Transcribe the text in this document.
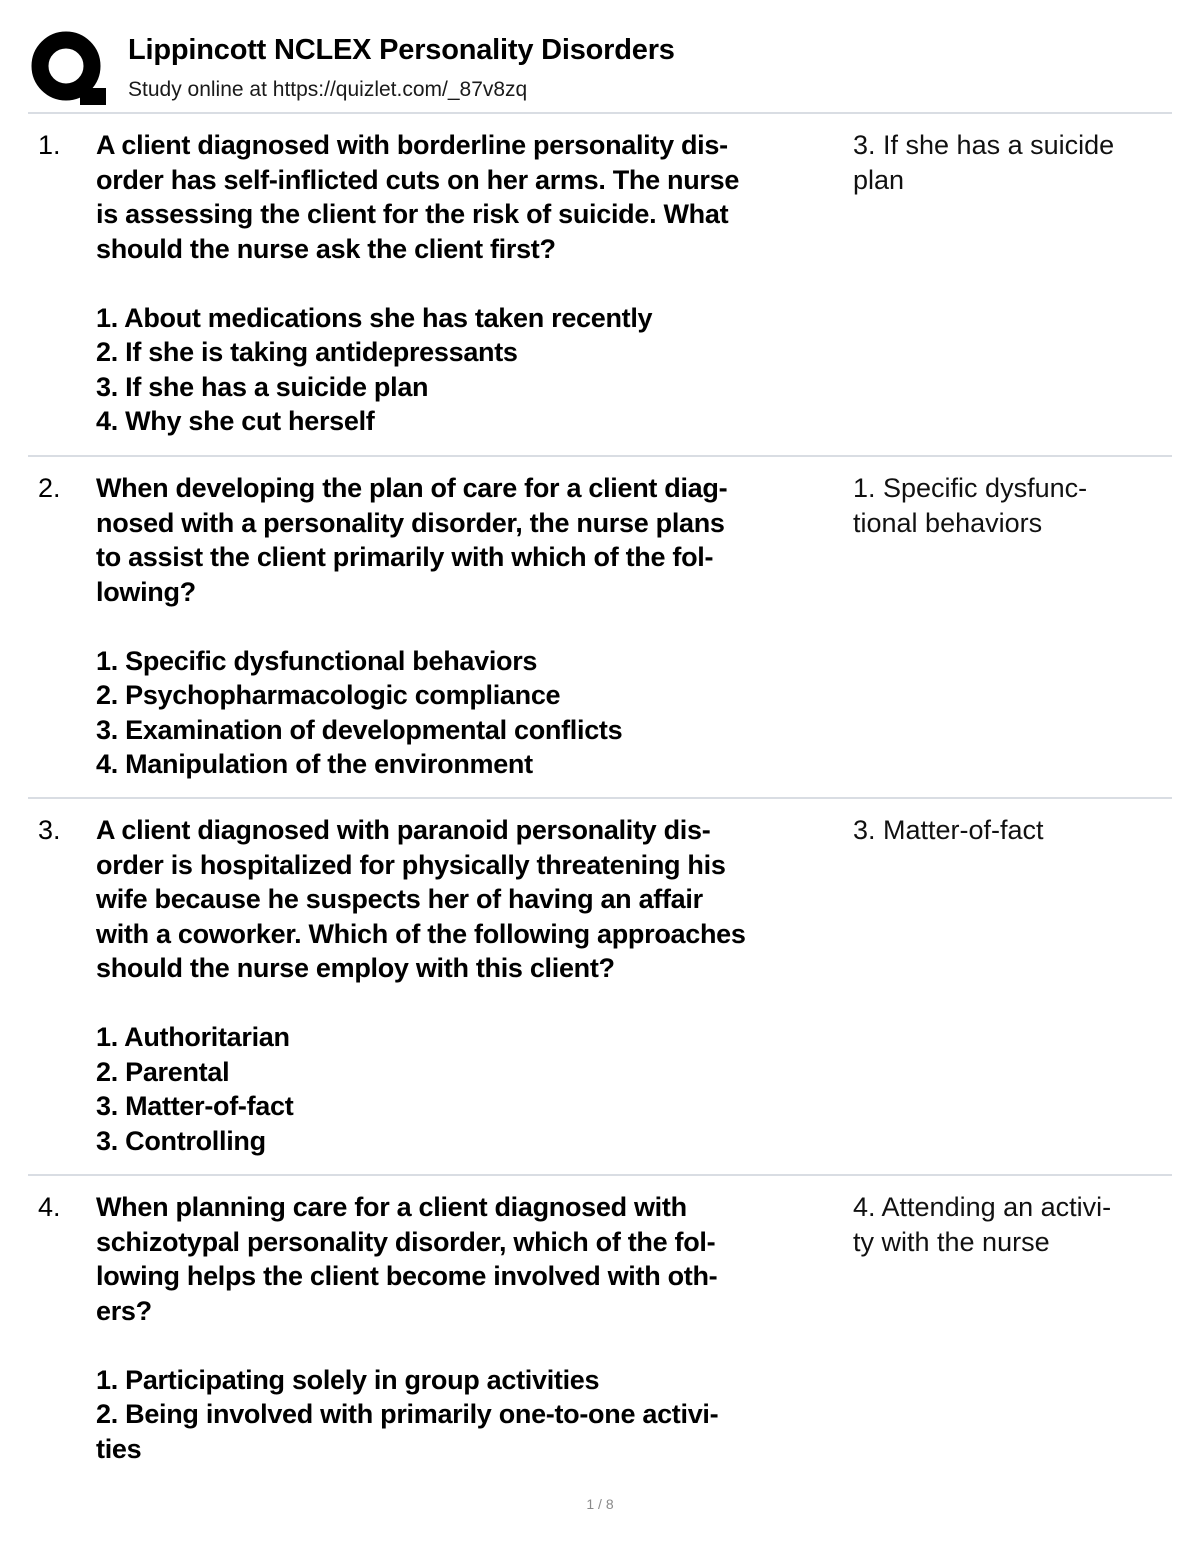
Lippincott NCLEX Personality Disorders
Study online at https://quizlet.com/_87v8zq
1. A client diagnosed with borderline personality dis-
order has self-inflicted cuts on her arms. The nurse
is assessing the client for the risk of suicide. What
should the nurse ask the client first?
1. About medications she has taken recently
2. If she is taking antidepressants
3. If she has a suicide plan
4. Why she cut herself
3. If she has a suicide
plan
2. When developing the plan of care for a client diag-
nosed with a personality disorder, the nurse plans
to assist the client primarily with which of the fol-
lowing?
1. Specific dysfunctional behaviors
2. Psychopharmacologic compliance
3. Examination of developmental conflicts
4. Manipulation of the environment
1. Specific dysfunc-
tional behaviors
3. A client diagnosed with paranoid personality dis-
order is hospitalized for physically threatening his
wife because he suspects her of having an affair
with a coworker. Which of the following approaches
should the nurse employ with this client?
1. Authoritarian
2. Parental
3. Matter-of-fact
3. Controlling
3. Matter-of-fact
4. When planning care for a client diagnosed with
schizotypal personality disorder, which of the fol-
lowing helps the client become involved with oth-
ers?
1. Participating solely in group activities
2. Being involved with primarily one-to-one activi-
ties
4. Attending an activi-
ty with the nurse
1 / 8
